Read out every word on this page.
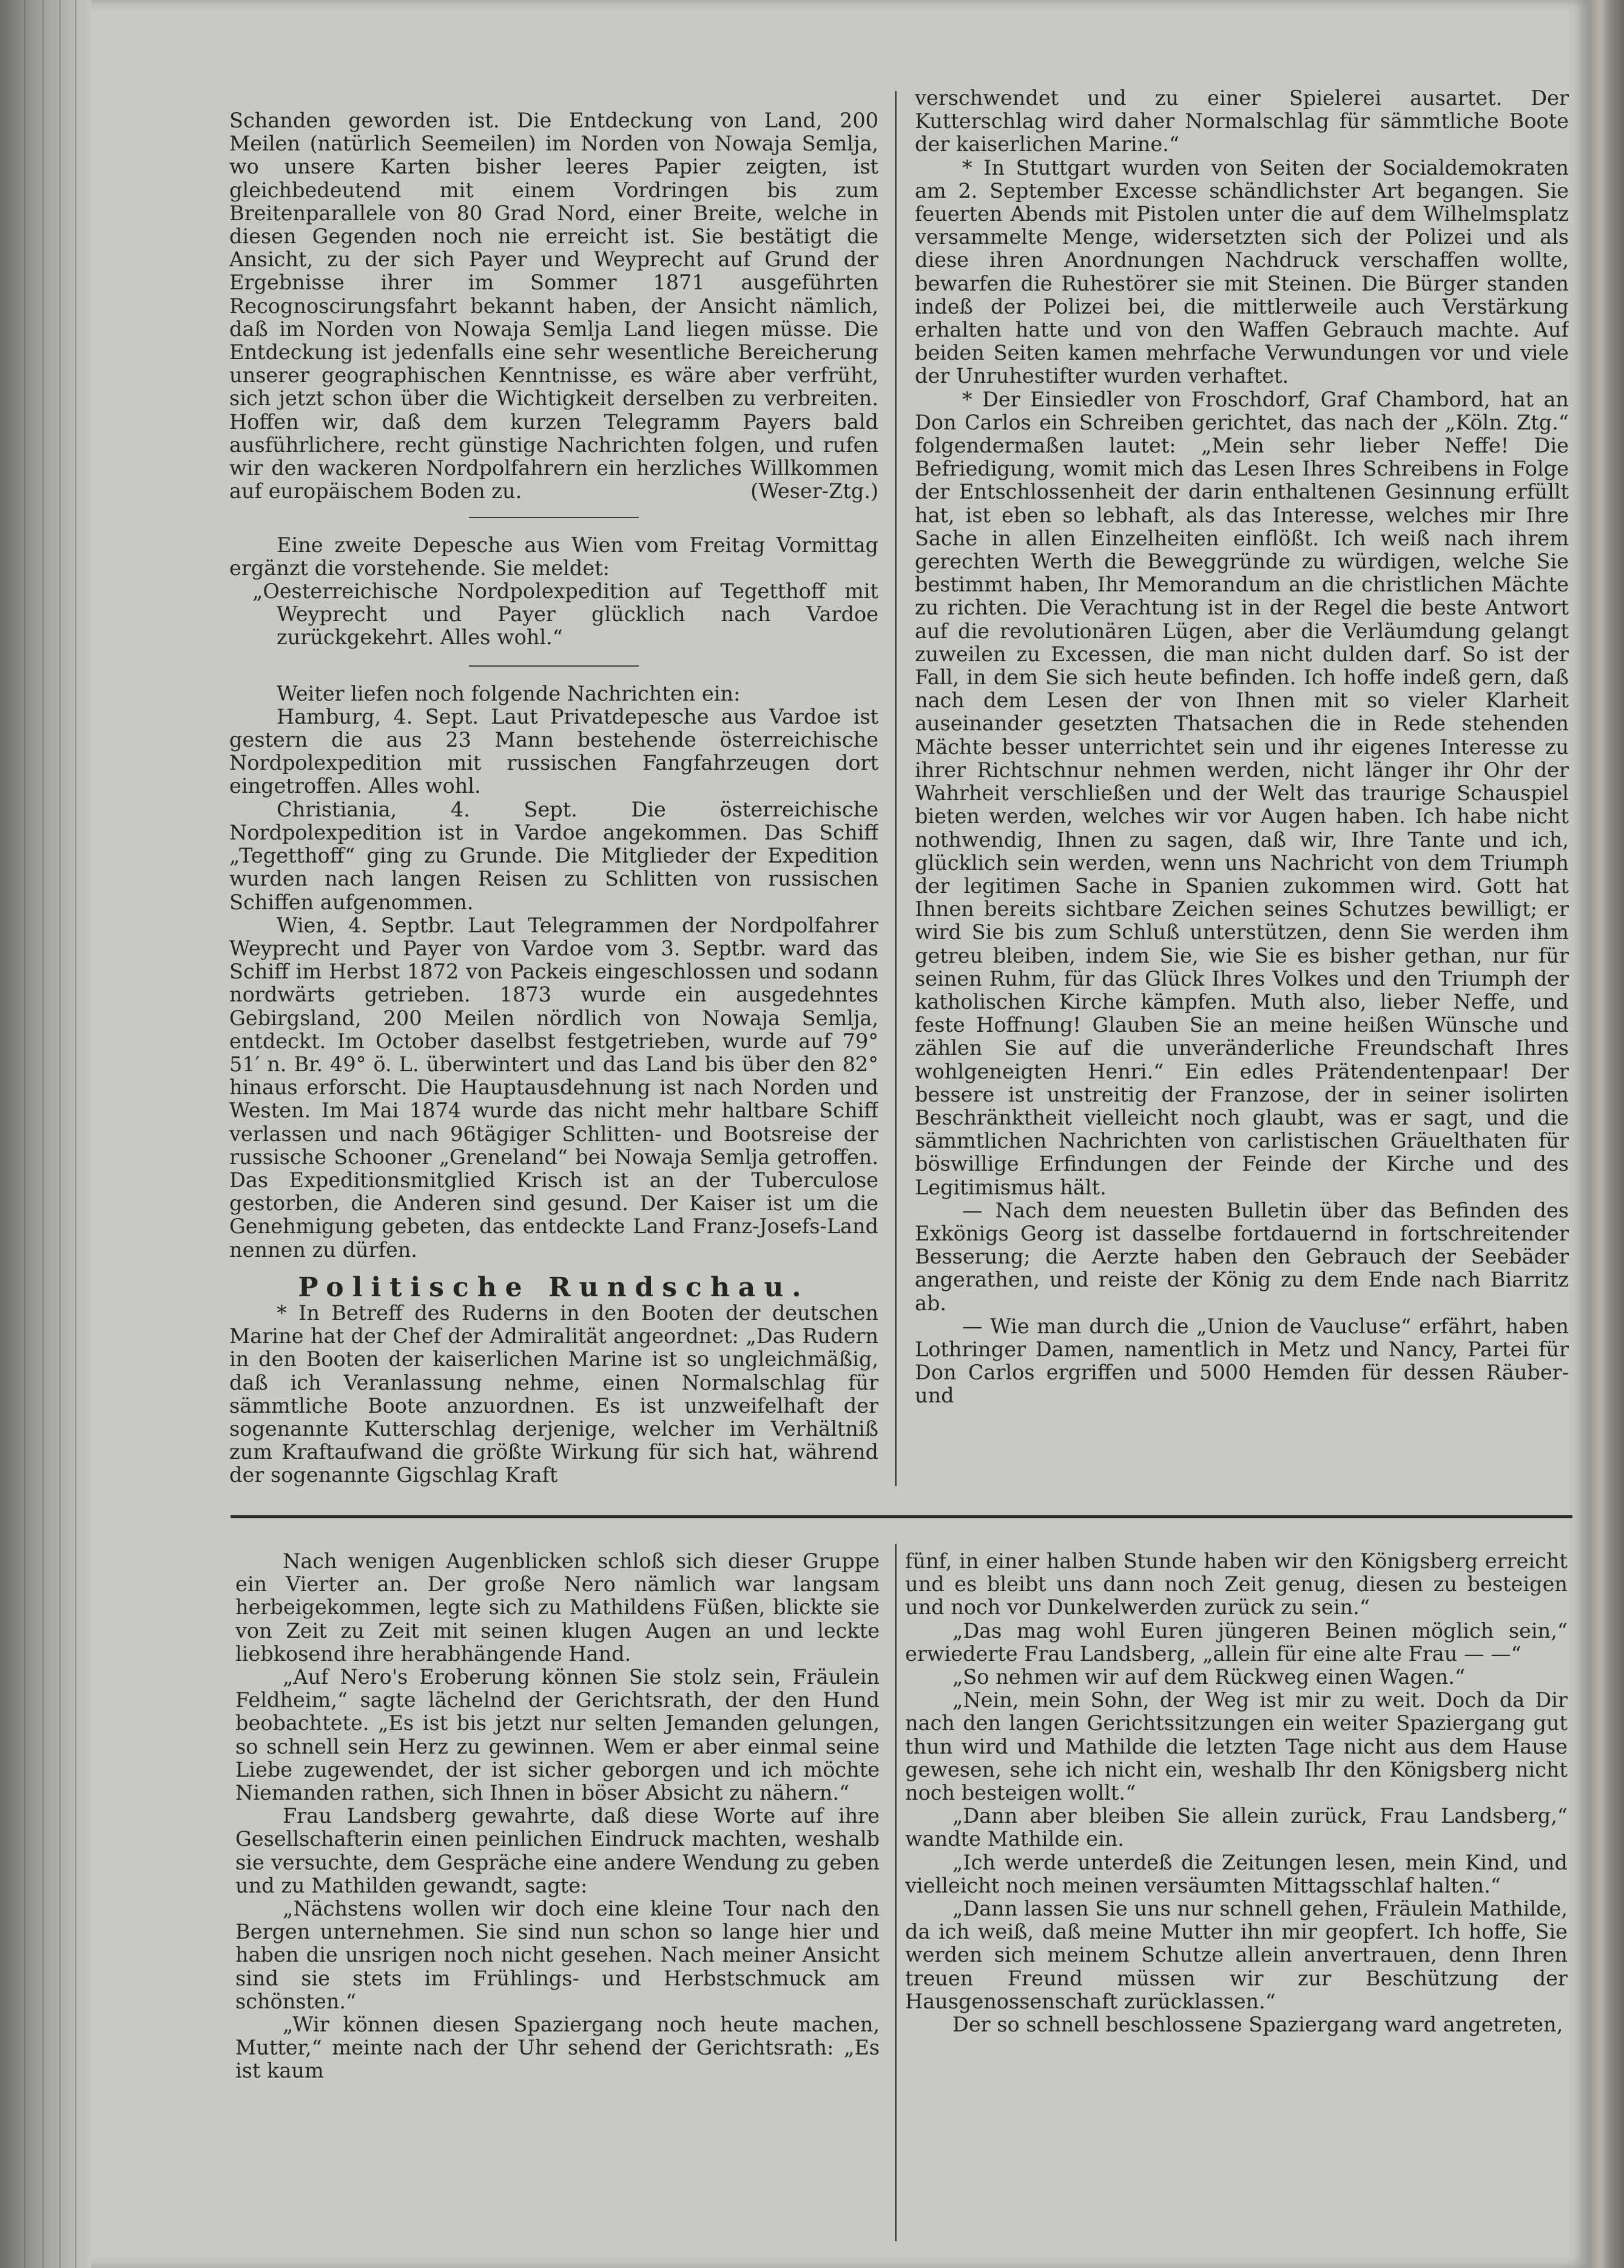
Schanden geworden ist. Die Entdeckung von Land, 200 Meilen (natürlich Seemeilen) im Norden von Nowaja Semlja, wo unsere Karten bisher leeres Papier zeigten, ist gleichbedeutend mit einem Vordringen bis zum Breitenparallele von 80 Grad Nord, einer Breite, welche in diesen Gegenden noch nie erreicht ist. Sie bestätigt die Ansicht, zu der sich Payer und Weyprecht auf Grund der Ergebnisse ihrer im Sommer 1871 ausgeführten Recognoscirungsfahrt bekannt haben, der Ansicht nämlich, daß im Norden von Nowaja Semlja Land liegen müsse. Die Entdeckung ist jedenfalls eine sehr wesentliche Bereicherung unserer geographischen Kenntnisse, es wäre aber verfrüht, sich jetzt schon über die Wichtigkeit derselben zu verbreiten. Hoffen wir, daß dem kurzen Telegramm Payers bald ausführlichere, recht günstige Nachrichten folgen, und rufen wir den wackeren Nordpolfahrern ein herzliches Willkommen auf europäischem Boden zu.	(Weser-Ztg.)

Eine zweite Depesche aus Wien vom Freitag Vormittag ergänzt die vorstehende. Sie meldet:

„Oesterreichische Nordpolexpedition auf Tegetthoff mit Weyprecht und Payer glücklich nach Vardoe zurückgekehrt. Alles wohl.“

Weiter liefen noch folgende Nachrichten ein:

Hamburg, 4. Sept. Laut Privatdepesche aus Vardoe ist gestern die aus 23 Mann bestehende österreichische Nordpolexpedition mit russischen Fangfahrzeugen dort eingetroffen. Alles wohl.

Christiania, 4. Sept. Die österreichische Nordpolexpedition ist in Vardoe angekommen. Das Schiff „Tegetthoff“ ging zu Grunde. Die Mitglieder der Expedition wurden nach langen Reisen zu Schlitten von russischen Schiffen aufgenommen.

Wien, 4. Septbr. Laut Telegrammen der Nordpolfahrer Weyprecht und Payer von Vardoe vom 3. Septbr. ward das Schiff im Herbst 1872 von Packeis eingeschlossen und sodann nordwärts getrieben. 1873 wurde ein ausgedehntes Gebirgsland, 200 Meilen nördlich von Nowaja Semlja, entdeckt. Im October daselbst festgetrieben, wurde auf 79° 51′ n. Br. 49° ö. L. überwintert und das Land bis über den 82° hinaus erforscht. Die Hauptausdehnung ist nach Norden und Westen. Im Mai 1874 wurde das nicht mehr haltbare Schiff verlassen und nach 96tägiger Schlitten- und Bootsreise der russische Schooner „Greneland“ bei Nowaja Semlja getroffen. Das Expeditionsmitglied Krisch ist an der Tuberculose gestorben, die Anderen sind gesund. Der Kaiser ist um die Genehmigung gebeten, das entdeckte Land Franz-Josefs-Land nennen zu dürfen.

Politische Rundschau.

* In Betreff des Ruderns in den Booten der deutschen Marine hat der Chef der Admiralität angeordnet: „Das Rudern in den Booten der kaiserlichen Marine ist so ungleichmäßig, daß ich Veranlassung nehme, einen Normalschlag für sämmtliche Boote anzuordnen. Es ist unzweifelhaft der sogenannte Kutterschlag derjenige, welcher im Verhältniß zum Kraftaufwand die größte Wirkung für sich hat, während der sogenannte Gigschlag Kraft

verschwendet und zu einer Spielerei ausartet. Der Kutterschlag wird daher Normalschlag für sämmtliche Boote der kaiserlichen Marine.“

* In Stuttgart wurden von Seiten der Socialdemokraten am 2. September Excesse schändlichster Art begangen. Sie feuerten Abends mit Pistolen unter die auf dem Wilhelmsplatz versammelte Menge, widersetzten sich der Polizei und als diese ihren Anordnungen Nachdruck verschaffen wollte, bewarfen die Ruhestörer sie mit Steinen. Die Bürger standen indeß der Polizei bei, die mittlerweile auch Verstärkung erhalten hatte und von den Waffen Gebrauch machte. Auf beiden Seiten kamen mehrfache Verwundungen vor und viele der Unruhestifter wurden verhaftet.

* Der Einsiedler von Froschdorf, Graf Chambord, hat an Don Carlos ein Schreiben gerichtet, das nach der „Köln. Ztg.“ folgendermaßen lautet: „Mein sehr lieber Neffe! Die Befriedigung, womit mich das Lesen Ihres Schreibens in Folge der Entschlossenheit der darin enthaltenen Gesinnung erfüllt hat, ist eben so lebhaft, als das Interesse, welches mir Ihre Sache in allen Einzelheiten einflößt. Ich weiß nach ihrem gerechten Werth die Beweggründe zu würdigen, welche Sie bestimmt haben, Ihr Memorandum an die christlichen Mächte zu richten. Die Verachtung ist in der Regel die beste Antwort auf die revolutionären Lügen, aber die Verläumdung gelangt zuweilen zu Excessen, die man nicht dulden darf. So ist der Fall, in dem Sie sich heute befinden. Ich hoffe indeß gern, daß nach dem Lesen der von Ihnen mit so vieler Klarheit auseinander gesetzten Thatsachen die in Rede stehenden Mächte besser unterrichtet sein und ihr eigenes Interesse zu ihrer Richtschnur nehmen werden, nicht länger ihr Ohr der Wahrheit verschließen und der Welt das traurige Schauspiel bieten werden, welches wir vor Augen haben. Ich habe nicht nothwendig, Ihnen zu sagen, daß wir, Ihre Tante und ich, glücklich sein werden, wenn uns Nachricht von dem Triumph der legitimen Sache in Spanien zukommen wird. Gott hat Ihnen bereits sichtbare Zeichen seines Schutzes bewilligt; er wird Sie bis zum Schluß unterstützen, denn Sie werden ihm getreu bleiben, indem Sie, wie Sie es bisher gethan, nur für seinen Ruhm, für das Glück Ihres Volkes und den Triumph der katholischen Kirche kämpfen. Muth also, lieber Neffe, und feste Hoffnung! Glauben Sie an meine heißen Wünsche und zählen Sie auf die unveränderliche Freundschaft Ihres wohlgeneigten Henri.“ Ein edles Prätendentenpaar! Der bessere ist unstreitig der Franzose, der in seiner isolirten Beschränktheit vielleicht noch glaubt, was er sagt, und die sämmtlichen Nachrichten von carlistischen Gräuelthaten für böswillige Erfindungen der Feinde der Kirche und des Legitimismus hält.

— Nach dem neuesten Bulletin über das Befinden des Exkönigs Georg ist dasselbe fortdauernd in fortschreitender Besserung; die Aerzte haben den Gebrauch der Seebäder angerathen, und reiste der König zu dem Ende nach Biarritz ab.

— Wie man durch die „Union de Vaucluse“ erfährt, haben Lothringer Damen, namentlich in Metz und Nancy, Partei für Don Carlos ergriffen und 5000 Hemden für dessen Räuber- und

Nach wenigen Augenblicken schloß sich dieser Gruppe ein Vierter an. Der große Nero nämlich war langsam herbeigekommen, legte sich zu Mathildens Füßen, blickte sie von Zeit zu Zeit mit seinen klugen Augen an und leckte liebkosend ihre herabhängende Hand.

„Auf Nero's Eroberung können Sie stolz sein, Fräulein Feldheim,“ sagte lächelnd der Gerichtsrath, der den Hund beobachtete. „Es ist bis jetzt nur selten Jemanden gelungen, so schnell sein Herz zu gewinnen. Wem er aber einmal seine Liebe zugewendet, der ist sicher geborgen und ich möchte Niemanden rathen, sich Ihnen in böser Absicht zu nähern.“

Frau Landsberg gewahrte, daß diese Worte auf ihre Gesellschafterin einen peinlichen Eindruck machten, weshalb sie versuchte, dem Gespräche eine andere Wendung zu geben und zu Mathilden gewandt, sagte:

„Nächstens wollen wir doch eine kleine Tour nach den Bergen unternehmen. Sie sind nun schon so lange hier und haben die unsrigen noch nicht gesehen. Nach meiner Ansicht sind sie stets im Frühlings- und Herbstschmuck am schönsten.“

„Wir können diesen Spaziergang noch heute machen, Mutter,“ meinte nach der Uhr sehend der Gerichtsrath: „Es ist kaum

fünf, in einer halben Stunde haben wir den Königsberg erreicht und es bleibt uns dann noch Zeit genug, diesen zu besteigen und noch vor Dunkelwerden zurück zu sein.“

„Das mag wohl Euren jüngeren Beinen möglich sein,“ erwiederte Frau Landsberg, „allein für eine alte Frau — —“

„So nehmen wir auf dem Rückweg einen Wagen.“

„Nein, mein Sohn, der Weg ist mir zu weit. Doch da Dir nach den langen Gerichtssitzungen ein weiter Spaziergang gut thun wird und Mathilde die letzten Tage nicht aus dem Hause gewesen, sehe ich nicht ein, weshalb Ihr den Königsberg nicht noch besteigen wollt.“

„Dann aber bleiben Sie allein zurück, Frau Landsberg,“ wandte Mathilde ein.

„Ich werde unterdeß die Zeitungen lesen, mein Kind, und vielleicht noch meinen versäumten Mittagsschlaf halten.“

„Dann lassen Sie uns nur schnell gehen, Fräulein Mathilde, da ich weiß, daß meine Mutter ihn mir geopfert. Ich hoffe, Sie werden sich meinem Schutze allein anvertrauen, denn Ihren treuen Freund müssen wir zur Beschützung der Hausgenossenschaft zurücklassen.“

Der so schnell beschlossene Spaziergang ward angetreten,
